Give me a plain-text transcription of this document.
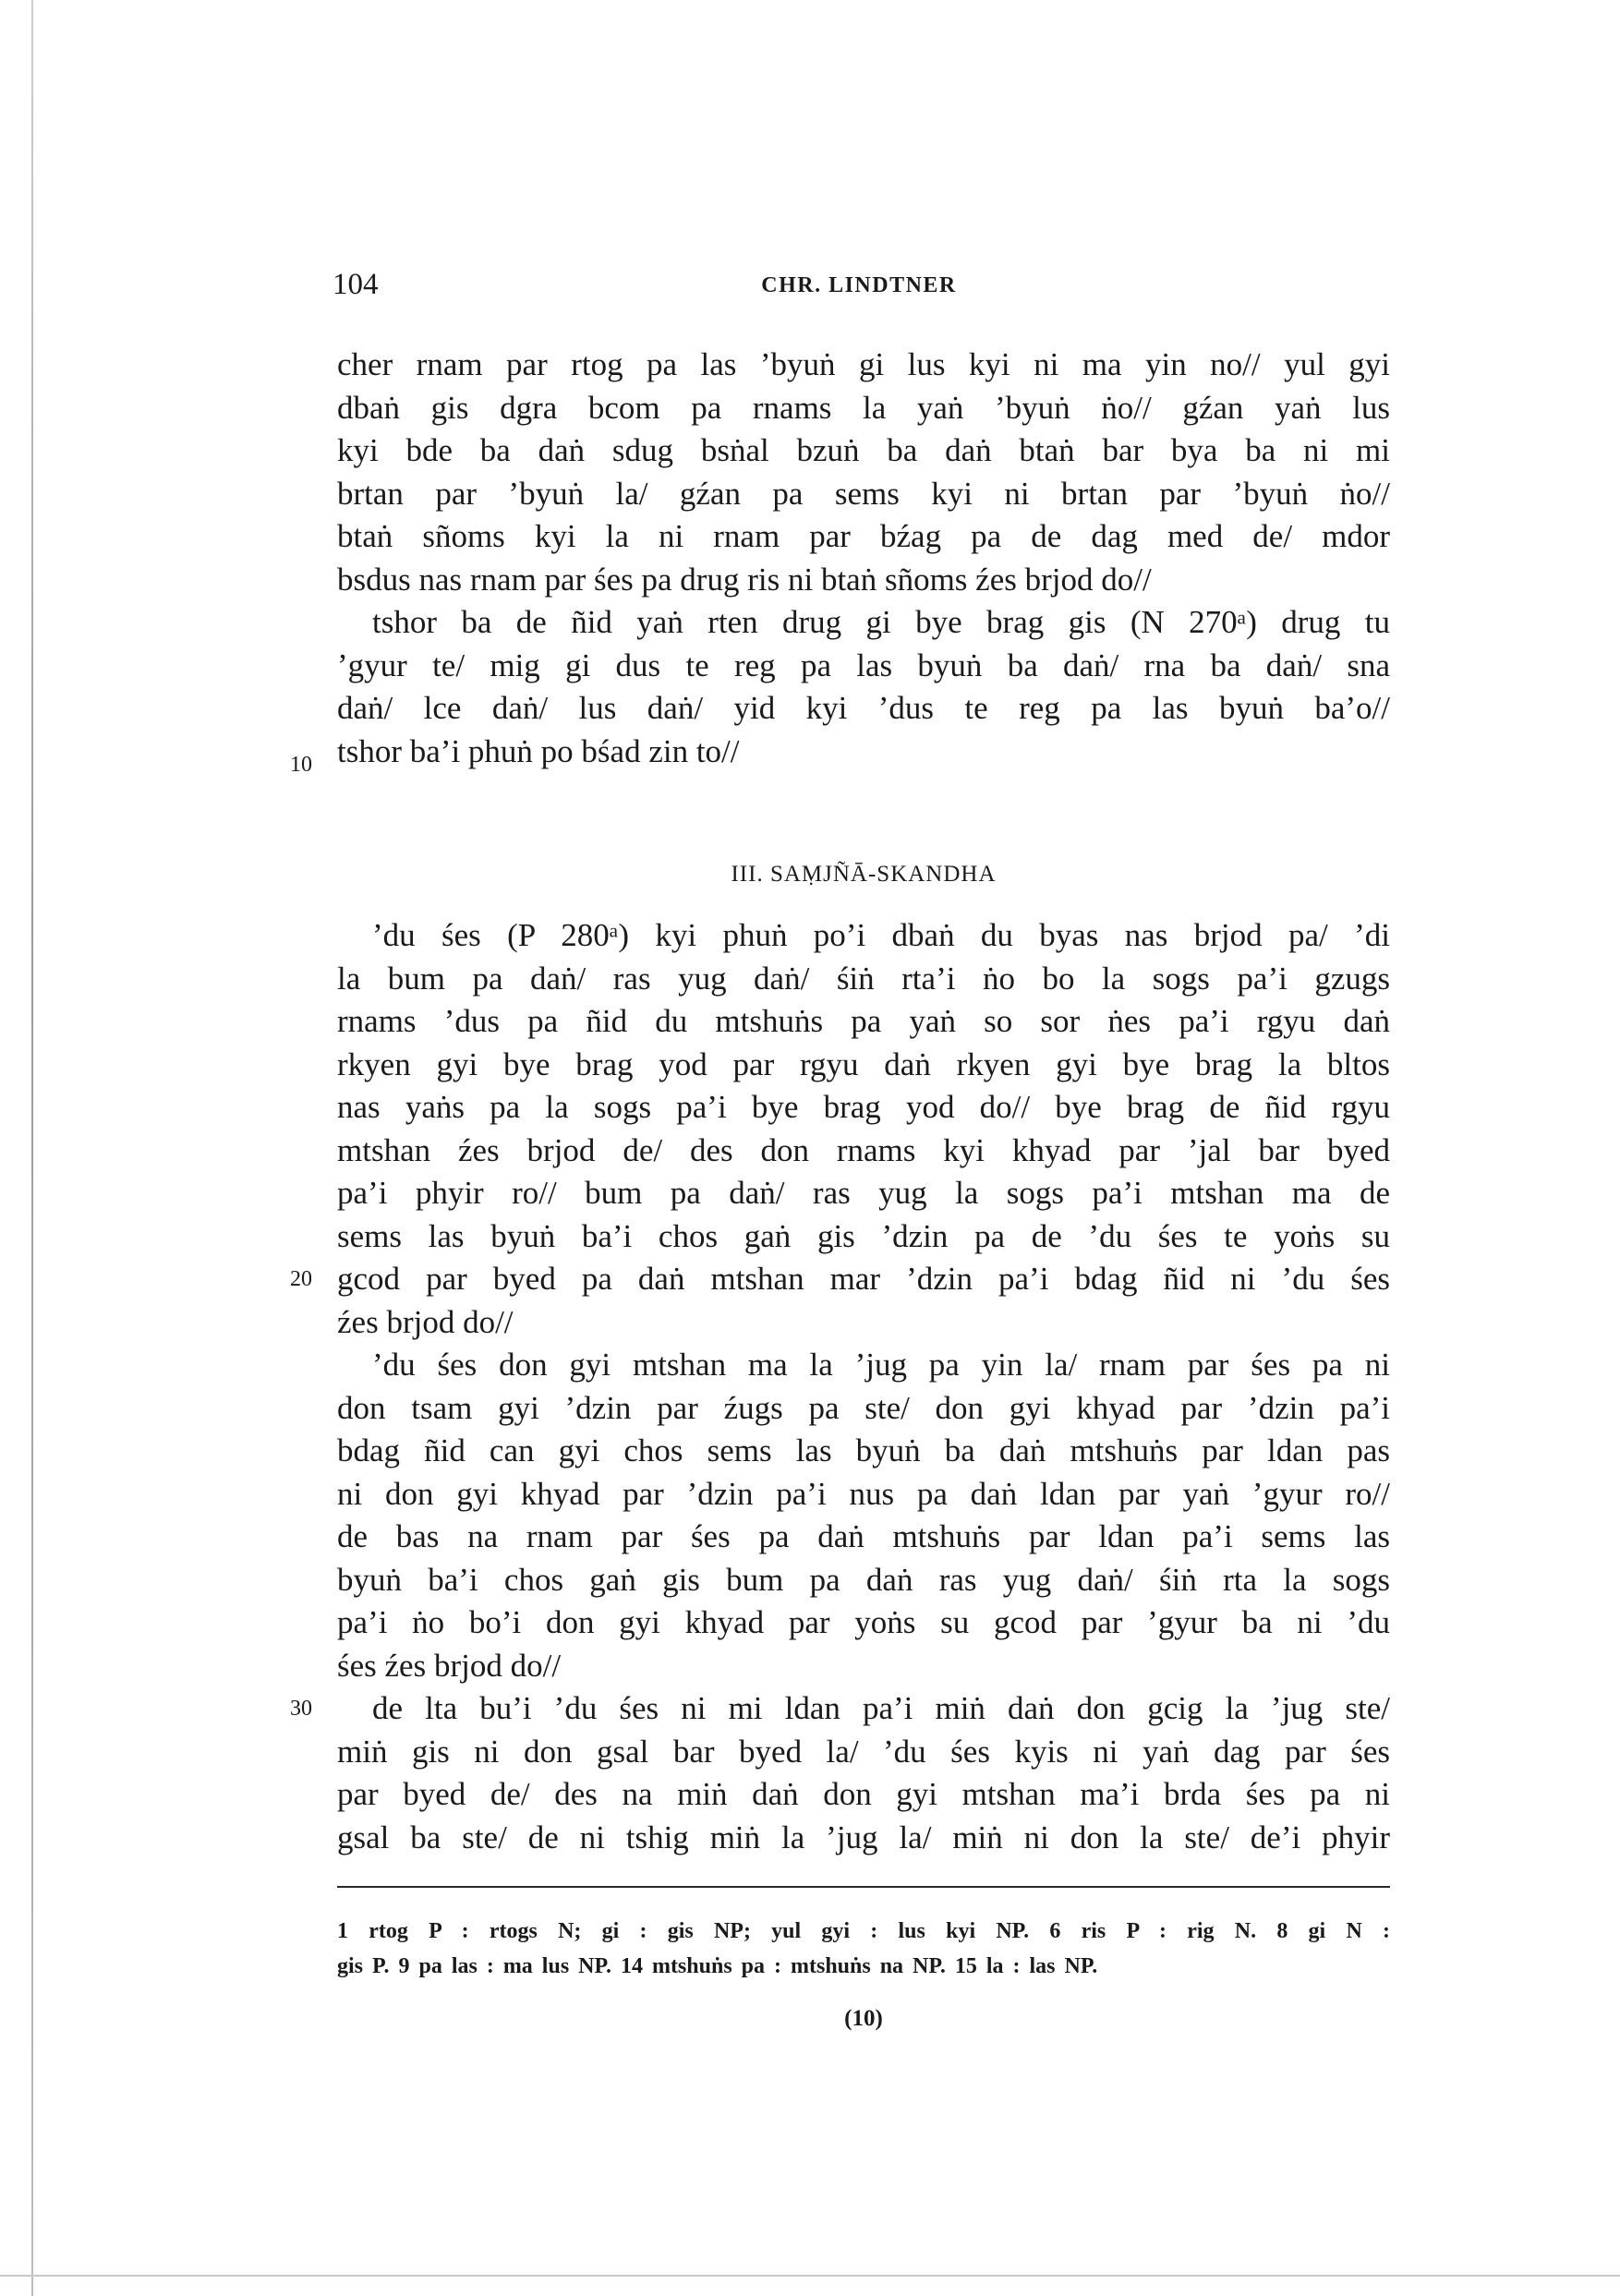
104	CHR. LINDTNER
cher rnam par rtog pa las ’byuṅ gi lus kyi ni ma yin no// yul gyi
dbaṅ gis dgra bcom pa rnams la yaṅ ’byuṅ ṅo// gźan yaṅ lus
kyi bde ba daṅ sdug bsṅal bzuṅ ba daṅ btaṅ bar bya ba ni mi
brtan par ’byuṅ la/ gźan pa sems kyi ni brtan par ’byuṅ ṅo//
btaṅ sñoms kyi la ni rnam par bźag pa de dag med de/ mdor
bsdus nas rnam par śes pa drug ris ni btaṅ sñoms źes brjod do//
tshor ba de ñid yaṅ rten drug gi bye brag gis (N 270ᵃ) drug tu
’gyur te/ mig gi dus te reg pa las byuṅ ba daṅ/ rna ba daṅ/ sna
daṅ/ lce daṅ/ lus daṅ/ yid kyi ’dus te reg pa las byuṅ ba’o//
tshor ba’i phuṅ po bśad zin to//
10
III. SAṂJÑĀ-SKANDHA
’du śes (P 280ᵃ) kyi phuṅ po’i dbaṅ du byas nas brjod pa/ ’di
la bum pa daṅ/ ras yug daṅ/ śiṅ rta’i ṅo bo la sogs pa’i gzugs
rnams ’dus pa ñid du mtshuṅs pa yaṅ so sor ṅes pa’i rgyu daṅ
rkyen gyi bye brag yod par rgyu daṅ rkyen gyi bye brag la bltos
nas yaṅs pa la sogs pa’i bye brag yod do// bye brag de ñid rgyu
mtshan źes brjod de/ des don rnams kyi khyad par ’jal bar byed
pa’i phyir ro// bum pa daṅ/ ras yug la sogs pa’i mtshan ma de
sems las byuṅ ba’i chos gaṅ gis ’dzin pa de ’du śes te yoṅs su
gcod par byed pa daṅ mtshan mar ’dzin pa’i bdag ñid ni ’du śes
źes brjod do//
’du śes don gyi mtshan ma la ’jug pa yin la/ rnam par śes pa ni
don tsam gyi ’dzin par źugs pa ste/ don gyi khyad par ’dzin pa’i
bdag ñid can gyi chos sems las byuṅ ba daṅ mtshuṅs par ldan pas
ni don gyi khyad par ’dzin pa’i nus pa daṅ ldan par yaṅ ’gyur ro//
de bas na rnam par śes pa daṅ mtshuṅs par ldan pa’i sems las
byuṅ ba’i chos gaṅ gis bum pa daṅ ras yug daṅ/ śiṅ rta la sogs
pa’i ṅo bo’i don gyi khyad par yoṅs su gcod par ’gyur ba ni ’du
śes źes brjod do//
de lta bu’i ’du śes ni mi ldan pa’i miṅ daṅ don gcig la ’jug ste/
miṅ gis ni don gsal bar byed la/ ’du śes kyis ni yaṅ dag par śes
par byed de/ des na miṅ daṅ don gyi mtshan ma’i brda śes pa ni
gsal ba ste/ de ni tshig miṅ la ’jug la/ miṅ ni don la ste/ de’i phyir
20
30
1 rtog P : rtogs N; gi : gis NP; yul gyi : lus kyi NP. 6 ris P : rig N. 8 gi N :
gis P. 9 pa las : ma lus NP. 14 mtshuṅs pa : mtshuṅs na NP. 15 la : las NP.
(10)
